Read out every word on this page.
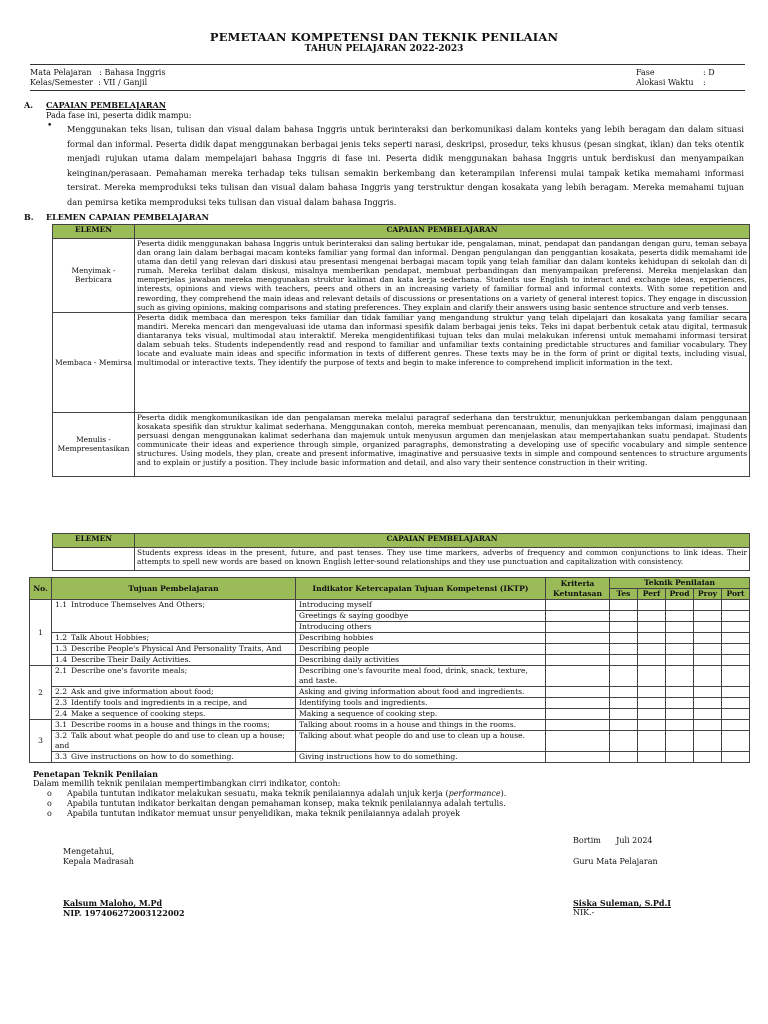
PEMETAAN KOMPETENSI DAN TEKNIK PENILAIAN
TAHUN PELAJARAN 2022-2023
Mata Pelajaran   : Bahasa Inggris
Kelas/Semester  : VII / Ganjil
Fase	: D
Alokasi Waktu :
A. CAPAIAN PEMBELAJARAN
Pada fase ini, peserta didik mampu:
• Menggunakan teks lisan, tulisan dan visual dalam bahasa Inggris untuk berinteraksi dan berkomunikasi dalam konteks yang lebih beragam dan dalam situasi formal dan informal. Peserta didik dapat menggunakan berbagai jenis teks seperti narasi, deskripsi, prosedur, teks khusus (pesan singkat, iklan) dan teks otentik menjadi rujukan utama dalam mempelajari bahasa Inggris di fase ini. Peserta didik menggunakan bahasa Inggris untuk berdiskusi dan menyampaikan keinginan/perasaan. Pemahaman mereka terhadap teks tulisan semakin berkembang dan keterampilan inferensi mulai tampak ketika memahami informasi tersirat. Mereka memproduksi teks tulisan dan visual dalam bahasa Inggris yang terstruktur dengan kosakata yang lebih beragam. Mereka memahami tujuan dan pemirsa ketika memproduksi teks tulisan dan visual dalam bahasa Inggris.
B. ELEMEN CAPAIAN PEMBELAJARAN
ELEMEN	CAPAIAN PEMBELAJARAN
Menyimak - Berbicara	Peserta didik menggunakan bahasa Inggris untuk berinteraksi dan saling bertukar ide, pengalaman, minat, pendapat dan pandangan dengan guru, teman sebaya dan orang lain dalam berbagai macam konteks familiar yang formal dan informal. Dengan pengulangan dan penggantian kosakata, peserta didik memahami ide utama dan detil yang relevan dari diskusi atau presentasi mengenai berbagai macam topik yang telah familiar dan dalam konteks kehidupan di sekolah dan di rumah. Mereka terlibat dalam diskusi, misalnya memberikan pendapat, membuat perbandingan dan menyampaikan preferensi. Mereka menjelaskan dan memperjelas jawaban mereka menggunakan struktur kalimat dan kata kerja sederhana. Students use English to interact and exchange ideas, experiences, interests, opinions and views with teachers, peers and others in an increasing variety of familiar formal and informal contexts. With some repetition and rewording, they comprehend the main ideas and relevant details of discussions or presentations on a variety of general interest topics. They engage in discussion such as giving opinions, making comparisons and stating preferences. They explain and clarify their answers using basic sentence structure and verb tenses.
Membaca - Memirsa	Peserta didik membaca dan merespon teks familiar dan tidak familiar yang mengandung struktur yang telah dipelajari dan kosakata yang familiar secara mandiri. Mereka mencari dan mengevaluasi ide utama dan informasi spesifik dalam berbagai jenis teks. Teks ini dapat berbentuk cetak atau digital, termasuk diantaranya teks visual, multimodal atau interaktif. Mereka mengidentifikasi tujuan teks dan mulai melakukan inferensi untuk memahami informasi tersirat dalam sebuah teks. Students independently read and respond to familiar and unfamiliar texts containing predictable structures and familiar vocabulary. They locate and evaluate main ideas and specific information in texts of different genres. These texts may be in the form of print or digital texts, including visual, multimodal or interactive texts. They identify the purpose of texts and begin to make inference to comprehend implicit information in the text.
Menulis - Mempresentasikan	Peserta didik mengkomunikasikan ide dan pengalaman mereka melalui paragraf sederhana dan terstruktur, menunjukkan perkembangan dalam penggunaan kosakata spesifik dan struktur kalimat sederhana. Menggunakan contoh, mereka membuat perencanaan, menulis, dan menyajikan teks informasi, imajinasi dan persuasi dengan menggunakan kalimat sederhana dan majemuk untuk menyusun argumen dan menjelaskan atau mempertahankan suatu pendapat. Students communicate their ideas and experience through simple, organized paragraphs, demonstrating a developing use of specific vocabulary and simple sentence structures. Using models, they plan, create and present informative, imaginative and persuasive texts in simple and compound sentences to structure arguments and to explain or justify a position. They include basic information and detail, and also vary their sentence construction in their writing.
ELEMEN	CAPAIAN PEMBELAJARAN
	Students express ideas in the present, future, and past tenses. They use time markers, adverbs of frequency and common conjunctions to link ideas. Their attempts to spell new words are based on known English letter-sound relationships and they use punctuation and capitalization with consistency.
No.	Tujuan Pembelajaran	Indikator Ketercapaian Tujuan Kompetensi (IKTP)	Kriteria Ketuntasan	Teknik Penilaian				
				Tes	Perf	Prod	Proy	Port
1	1.1 Introduce Themselves And Others;	Introducing myself						
		Greetings & saying goodbye						
		Introducing others						
	1.2 Talk About Hobbies;	Describing hobbies						
	1.3 Describe People's Physical And Personality Traits, And	Describing people						
	1.4 Describe Their Daily Activities.	Describing daily activities						
2	2.1 Describe one's favorite meals;	Describing one's favourite meal food, drink, snack, texture, and taste.						
	2.2 Ask and give information about food;	Asking and giving information about food and ingredients.						
	2.3 Identify tools and ingredients in a recipe, and	Identifying tools and ingredients.						
	2.4 Make a sequence of cooking steps.	Making a sequence of cooking step.						
3	3.1 Describe rooms in a house and things in the rooms;	Talking about rooms in a house and things in the rooms.						
	3.2 Talk about what people do and use to clean up a house; and	Talking about what people do and use to clean up a house.						
	3.3 Give instructions on how to do something.	Giving instructions how to do something.						
Penetapan Teknik Penilaian
Dalam memilih teknik penilaian mempertimbangkan cirri indikator, contoh:
o Apabila tuntutan indikator melakukan sesuatu, maka teknik penilaiannya adalah unjuk kerja (performance).
o Apabila tuntutan indikator berkaitan dengan pemahaman konsep, maka teknik penilaiannya adalah tertulis.
o Apabila tuntutan indikator memuat unsur penyelidikan, maka teknik penilaiannya adalah proyek
Bortim      Juli 2024
Mengetahui,
Kepala Madrasah	Guru Mata Pelajaran
Kalsum Maloho, M.Pd
NIP. 197406272003122002
Siska Suleman, S.Pd.I
NIK.-
